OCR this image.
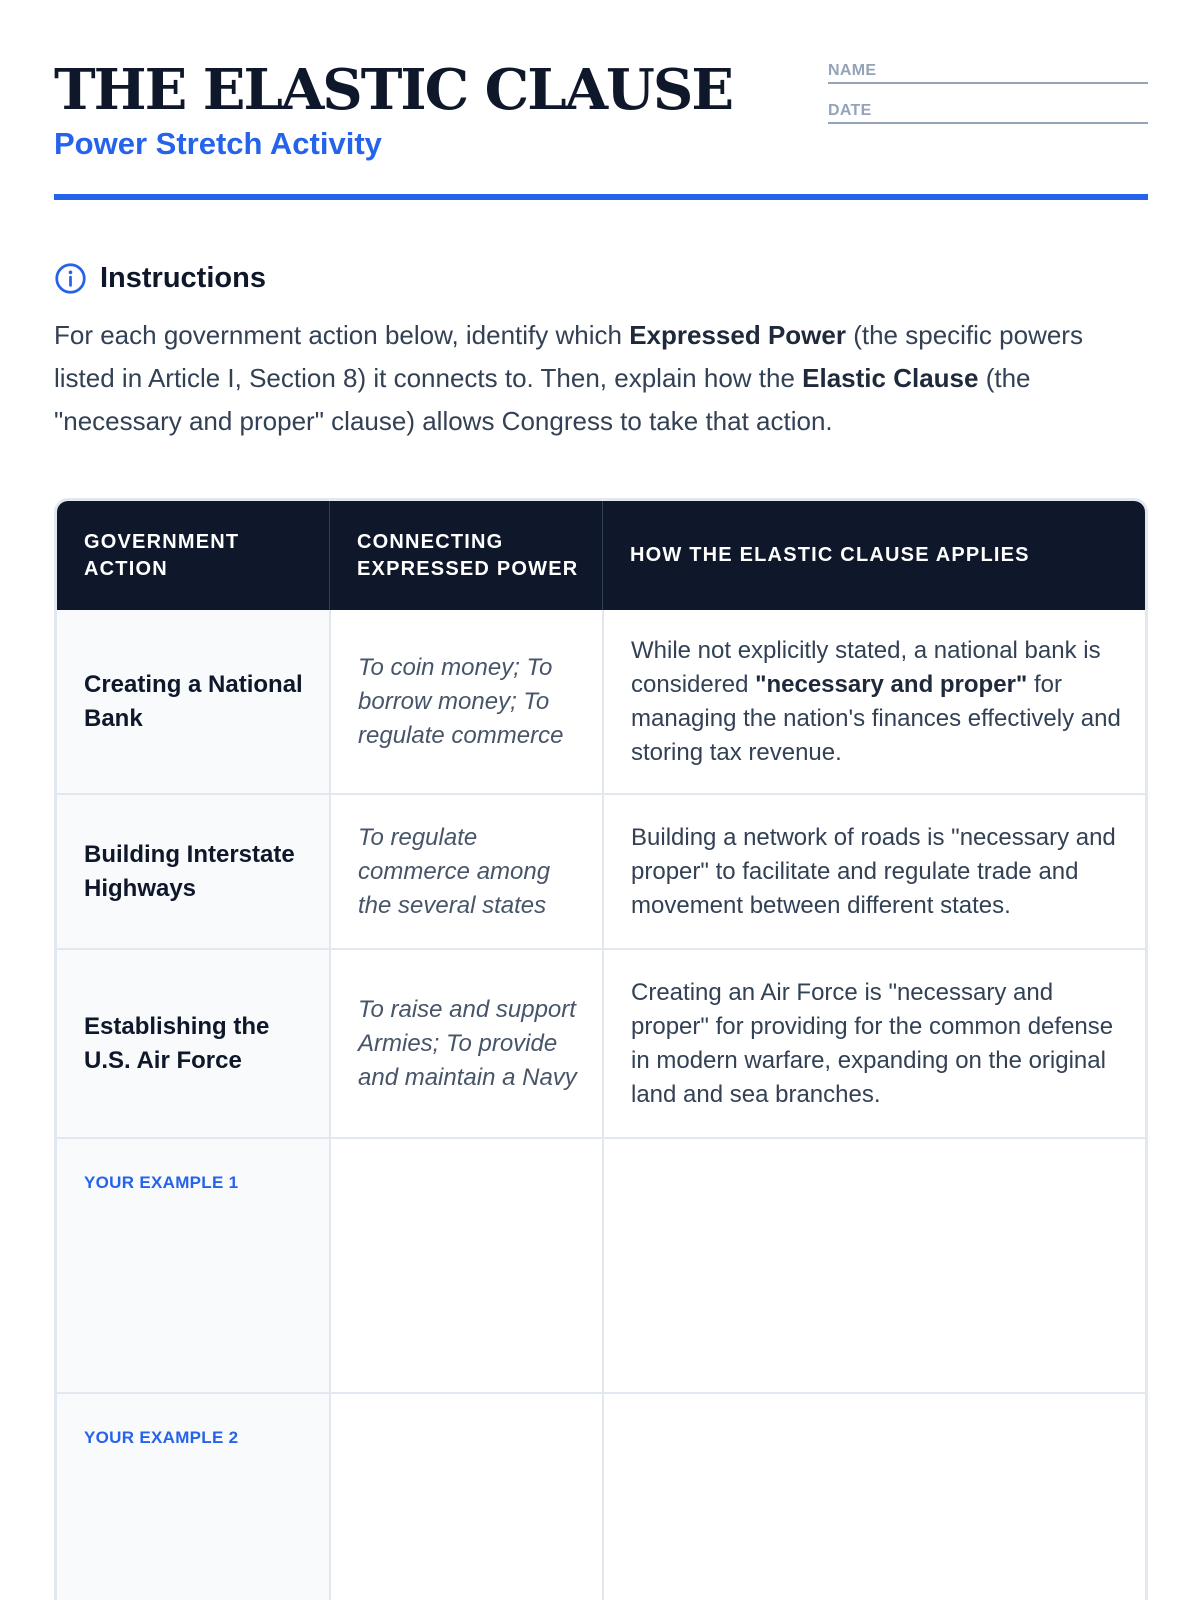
THE ELASTIC CLAUSE
Power Stretch Activity
NAME
DATE
Instructions

For each government action below, identify which Expressed Power (the specific powers listed in Article I, Section 8) it connects to. Then, explain how the Elastic Clause (the "necessary and proper" clause) allows Congress to take that action.

GOVERNMENT ACTION
CONNECTING EXPRESSED POWER
HOW THE ELASTIC CLAUSE APPLIES
Creating a National Bank
To coin money; To borrow money; To regulate commerce
While not explicitly stated, a national bank is considered "necessary and proper" for managing the nation's finances effectively and storing tax revenue.
Building Interstate Highways
To regulate commerce among the several states
Building a network of roads is "necessary and proper" to facilitate and regulate trade and movement between different states.
Establishing the U.S. Air Force
To raise and support Armies; To provide and maintain a Navy
Creating an Air Force is "necessary and proper" for providing for the common defense in modern warfare, expanding on the original land and sea branches.
YOUR EXAMPLE 1
YOUR EXAMPLE 2
